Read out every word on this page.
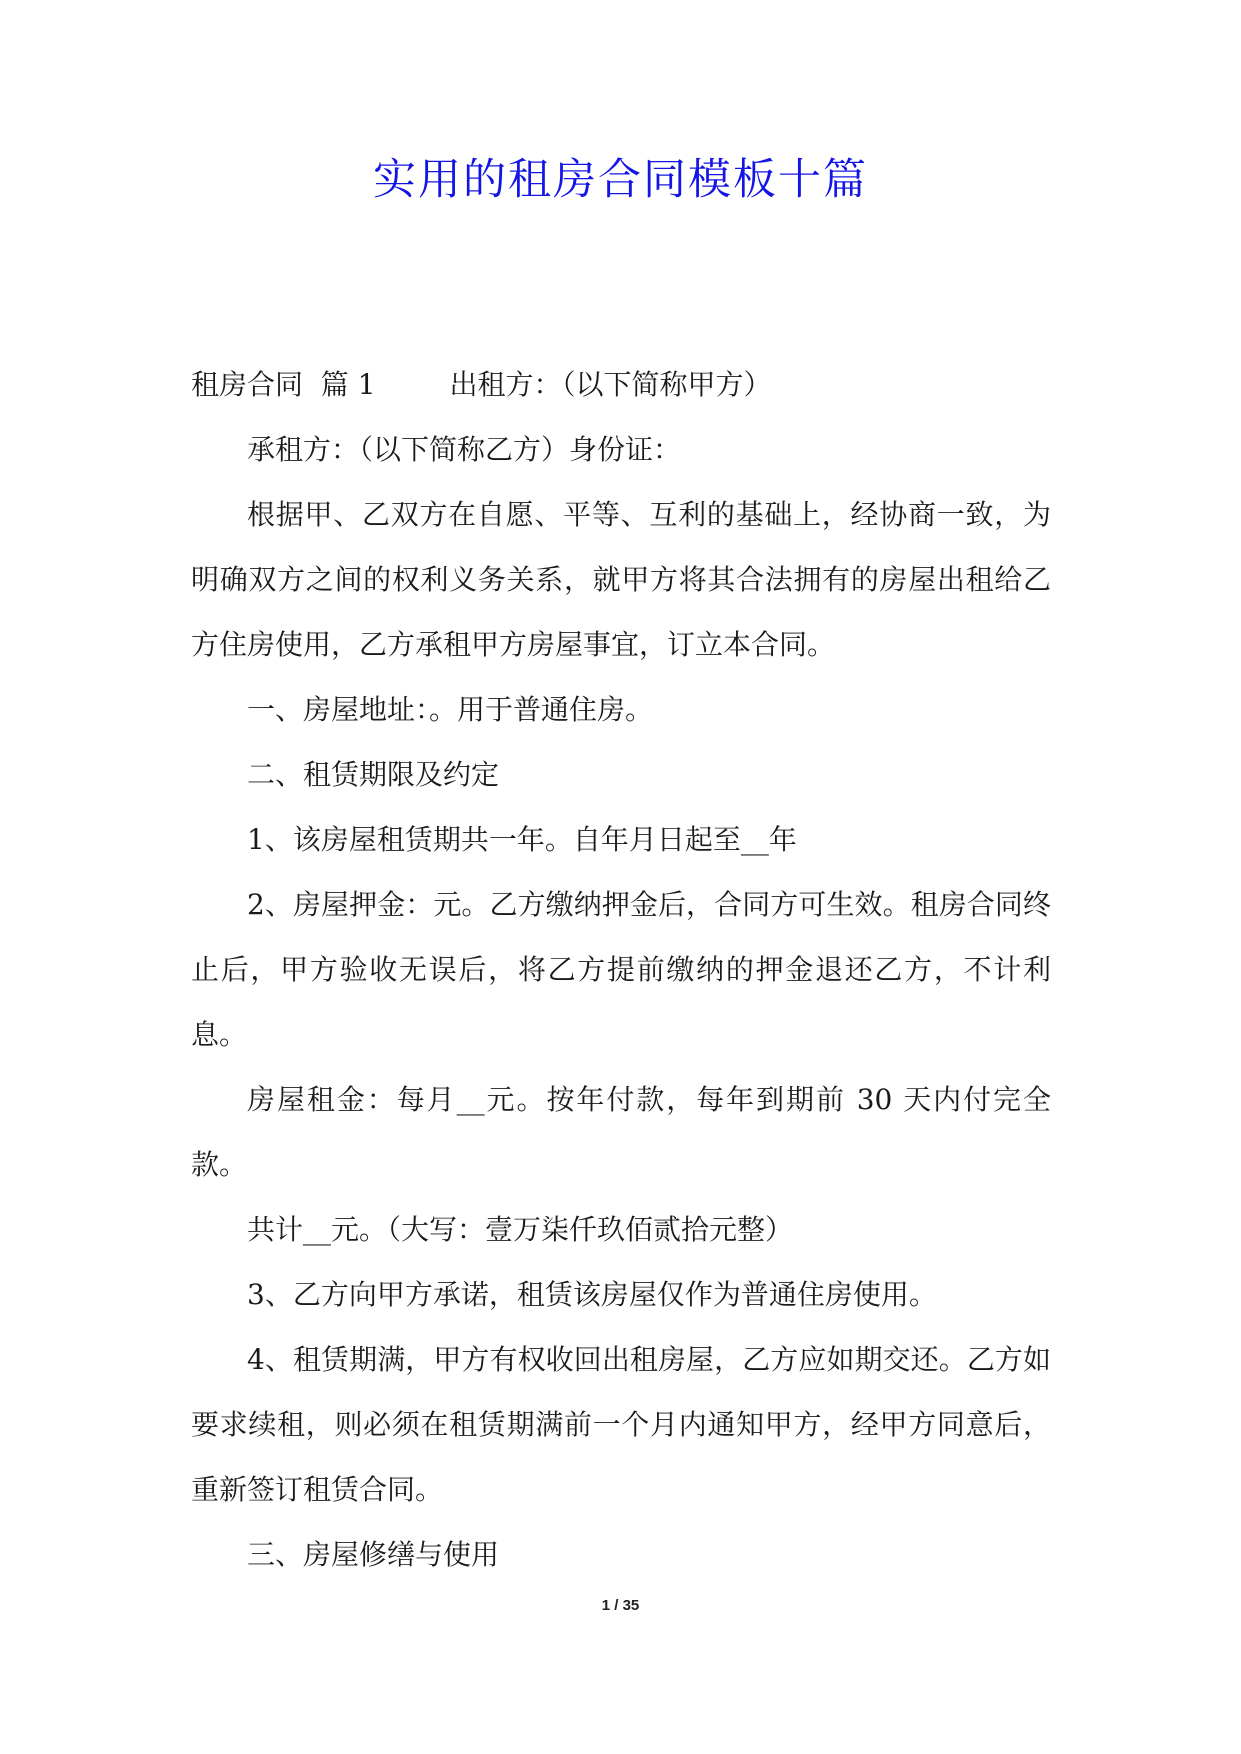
实用的租房合同模板十篇

租房合同  篇 1	出租方：（以下简称甲方）

承租方：（以下简称乙方）身份证：

根据甲、乙双方在自愿、平等、互利的基础上，经协商一致，为明确双方之间的权利义务关系，就甲方将其合法拥有的房屋出租给乙方住房使用，乙方承租甲方房屋事宜，订立本合同。

一、房屋地址：。用于普通住房。

二、租赁期限及约定

1、该房屋租赁期共一年。自年月日起至__年

2、房屋押金：元。乙方缴纳押金后，合同方可生效。租房合同终止后，甲方验收无误后，将乙方提前缴纳的押金退还乙方，不计利息。

房屋租金：每月__元。按年付款，每年到期前 30 天内付完全款。

共计__元。（大写：壹万柒仟玖佰贰拾元整）

3、乙方向甲方承诺，租赁该房屋仅作为普通住房使用。

4、租赁期满，甲方有权收回出租房屋，乙方应如期交还。乙方如要求续租，则必须在租赁期满前一个月内通知甲方，经甲方同意后，重新签订租赁合同。

三、房屋修缮与使用

1 / 35
